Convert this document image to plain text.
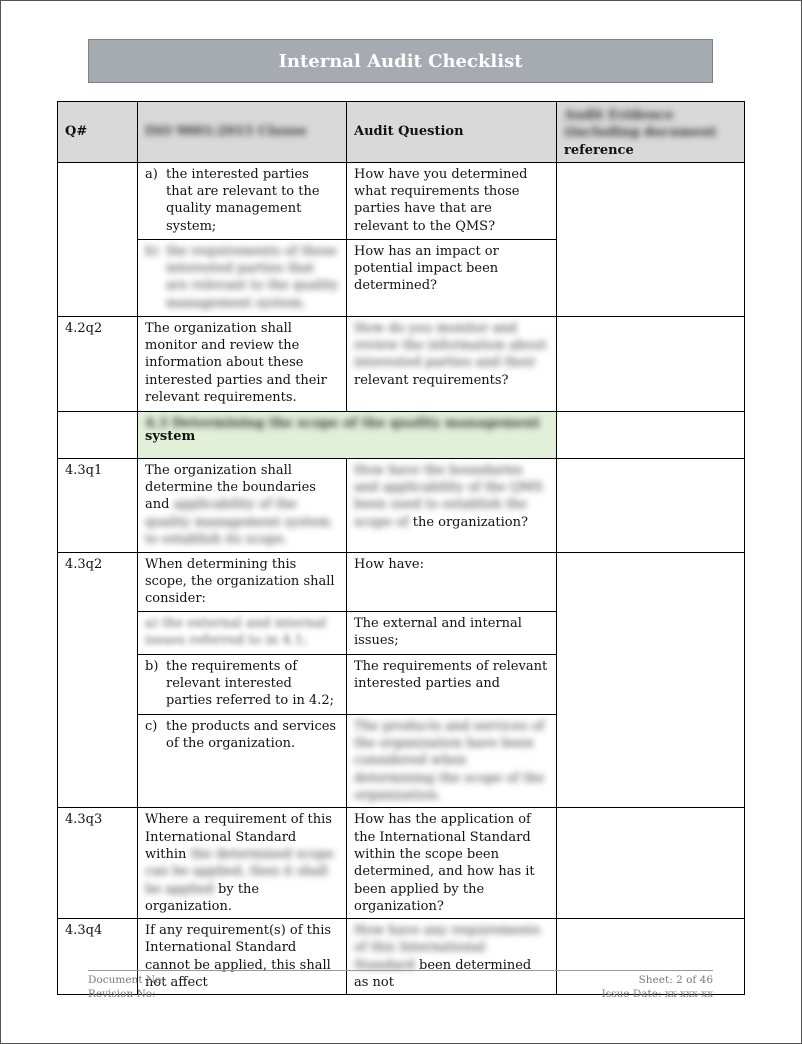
Internal Audit Checklist
Q#	ISO 9001:2015 Clause	Audit Question	Audit Evidence
(including document
reference

	a) the interested parties that are relevant to the quality management system;	How have you determined what requirements those parties have that are relevant to the QMS?	

	b) the requirements of these interested parties that are relevant to the quality management system.	How has an impact or potential impact been determined?	
4.2q2	The organization shall monitor and review the information about these interested parties and their relevant requirements.	How do you monitor and review the information about interested parties and their relevant requirements?	

	4.3 Determining the scope of the quality management
system		

4.3q1	The organization shall determine the boundaries and applicability of the quality management system to establish its scope.	How have the boundaries and applicability of the QMS been used to establish the scope of the organization?	
4.3q2	When determining this scope, the organization shall consider:	How have:	

	a) the external and internal issues referred to in 4.1;	The external and internal issues;	

	b) the requirements of relevant interested parties referred to in 4.2;	The requirements of relevant interested parties and	

	c) the products and services of the organization.	The products and services of the organization have been considered when determining the scope of the organization.	
4.3q3	Where a requirement of this International Standard within the determined scope can be applied, then it shall be applied by the organization.	How has the application of the International Standard within the scope been determined, and how has it been applied by the organization?	
4.3q4	If any requirement(s) of this International Standard cannot be applied, this shall not affect	How have any requirements of this International Standard been determined as not	
Document No:	Sheet: 2 of 46
Revision No:	Issue Date: xx-xxx-xx
